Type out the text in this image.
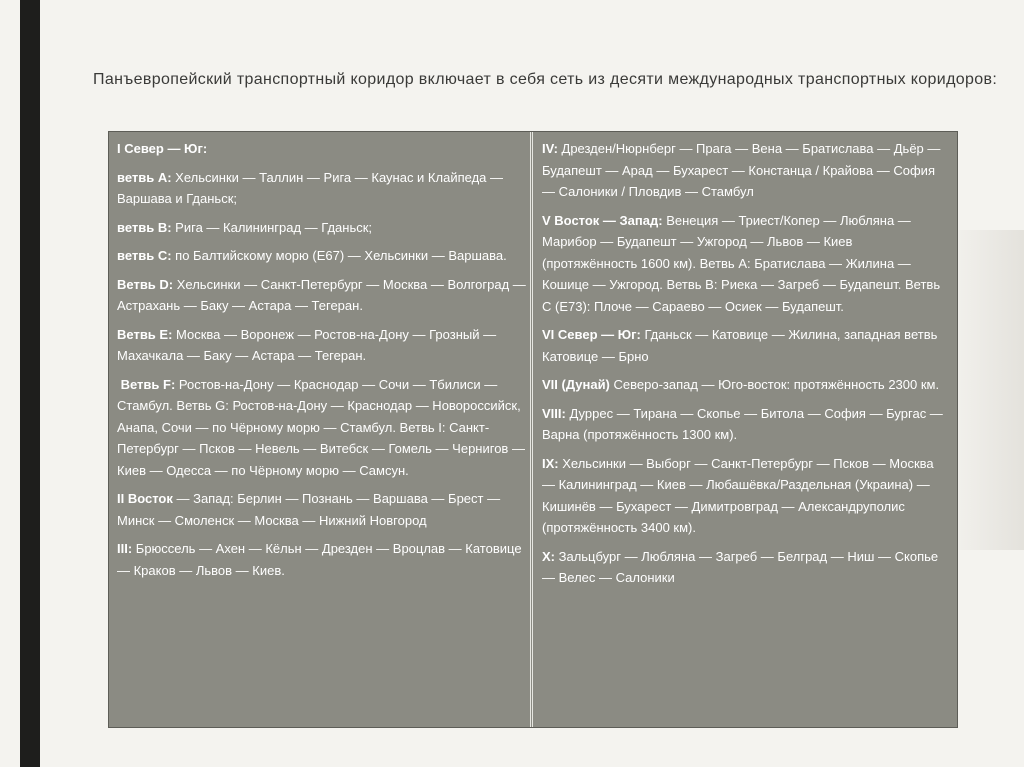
Панъевропейский транспортный коридор включает в себя сеть из десяти международных транспортных коридоров:

I Север — Юг:

ветвь A: Хельсинки — Таллин — Рига — Каунас и Клайпеда — Варшава и Гданьск;

ветвь B: Рига — Калининград — Гданьск;

ветвь C: по Балтийскому морю (E67) — Хельсинки — Варшава.

Ветвь D: Хельсинки — Санкт-Петербург — Москва — Волгоград — Астрахань — Баку — Астара — Тегеран.

Ветвь E: Москва — Воронеж — Ростов-на-Дону — Грозный — Махачкала — Баку — Астара — Тегеран.

Ветвь F: Ростов-на-Дону — Краснодар — Сочи — Тбилиси — Стамбул. Ветвь G: Ростов-на-Дону — Краснодар — Новороссийск, Анапа, Сочи — по Чёрному морю — Стамбул. Ветвь I: Санкт-Петербург — Псков — Невель — Витебск — Гомель — Чернигов — Киев — Одесса — по Чёрному морю — Самсун.

II Восток — Запад: Берлин — Познань — Варшава — Брест — Минск — Смоленск — Москва — Нижний Новгород

III: Брюссель — Ахен — Кёльн — Дрезден — Вроцлав — Катовице — Краков — Львов — Киев.

IV: Дрезден/Нюрнберг — Прага — Вена — Братислава — Дьёр — Будапешт — Арад — Бухарест — Констанца / Крайова — София — Салоники / Пловдив — Стамбул

V Восток — Запад: Венеция — Триест/Копер — Любляна — Марибор — Будапешт — Ужгород — Львов — Киев (протяжённость 1600 км). Ветвь A: Братислава — Жилина — Кошице — Ужгород. Ветвь B: Риека — Загреб — Будапешт. Ветвь C (E73): Плоче — Сараево — Осиек — Будапешт.

VI Север — Юг: Гданьск — Катовице — Жилина, западная ветвь Катовице — Брно

VII (Дунай) Северо-запад — Юго-восток: протяжённость 2300 км.

VIII: Дуррес — Тирана — Скопье — Битола — София — Бургас — Варна (протяжённость 1300 км).

IX: Хельсинки — Выборг — Санкт-Петербург — Псков — Москва — Калининград — Киев — Любашёвка/Раздельная (Украина) — Кишинёв — Бухарест — Димитровград — Александруполис (протяжённость 3400 км).

X: Зальцбург — Любляна — Загреб — Белград — Ниш — Скопье — Велес — Салоники
